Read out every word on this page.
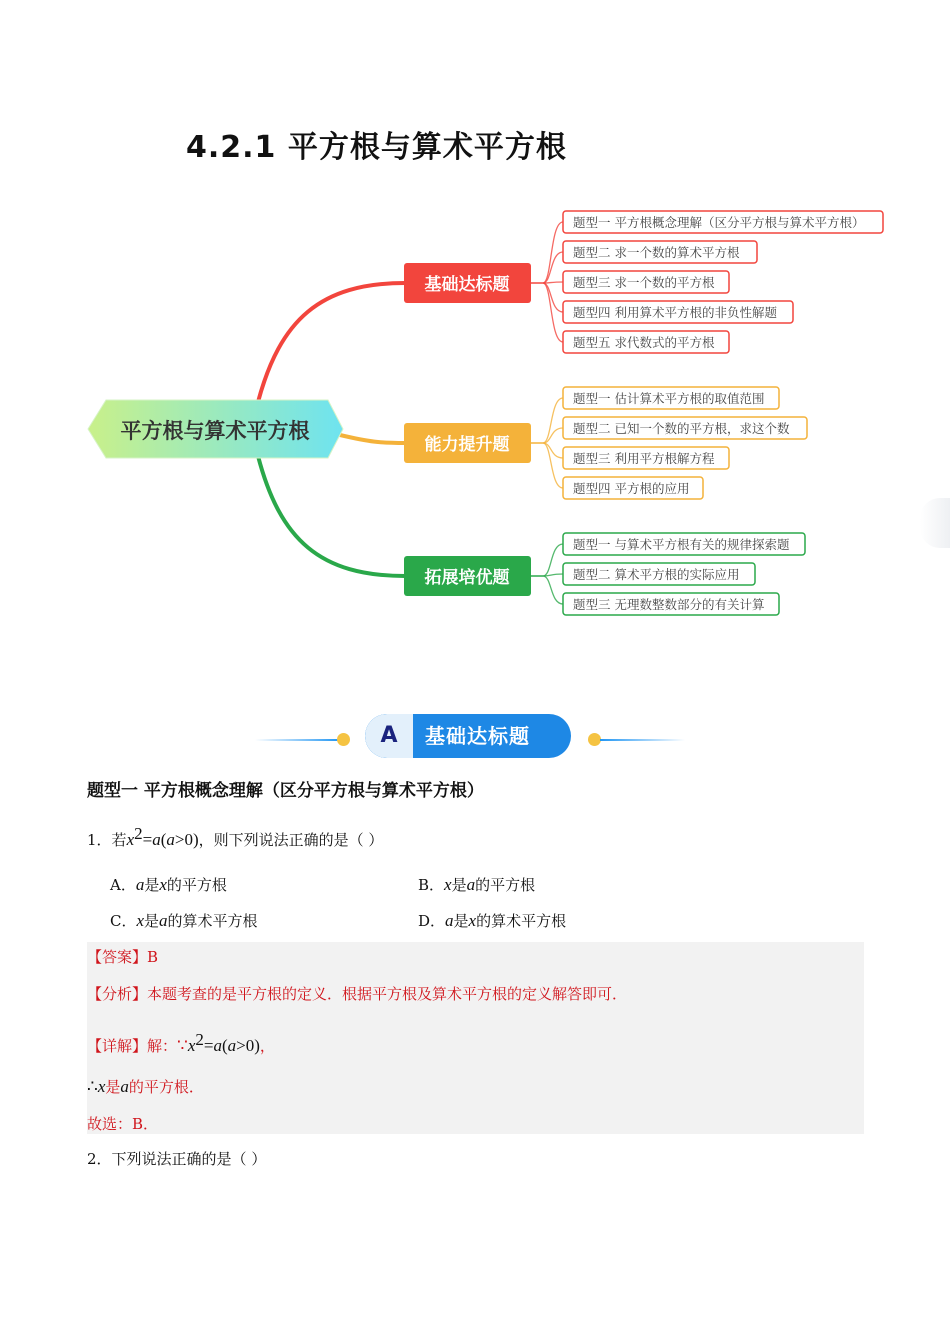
4.2.1 平方根与算术平方根
平方根与算术平方根
基础达标题
题型一 平方根概念理解（区分平方根与算术平方根）
题型二 求一个数的算术平方根
题型三 求一个数的平方根
题型四 利用算术平方根的非负性解题
题型五 求代数式的平方根
能力提升题
题型一 估计算术平方根的取值范围
题型二 已知一个数的平方根，求这个数
题型三 利用平方根解方程
题型四 平方根的应用
拓展培优题
题型一 与算术平方根有关的规律探索题
题型二 算术平方根的实际应用
题型三 无理数整数部分的有关计算
A	基础达标题
题型一 平方根概念理解（区分平方根与算术平方根）
1．若$x^2=a(a>0)$，则下列说法正确的是（ ）
A．a是x的平方根	B．x是a的平方根
C．x是a的算术平方根	D．a是x的算术平方根
【答案】B
【分析】本题考查的是平方根的定义．根据平方根及算术平方根的定义解答即可．
【详解】解：$\because x^2=a(a>0)$，
∴x是a的平方根．
故选：B．
2．下列说法正确的是（ ）
